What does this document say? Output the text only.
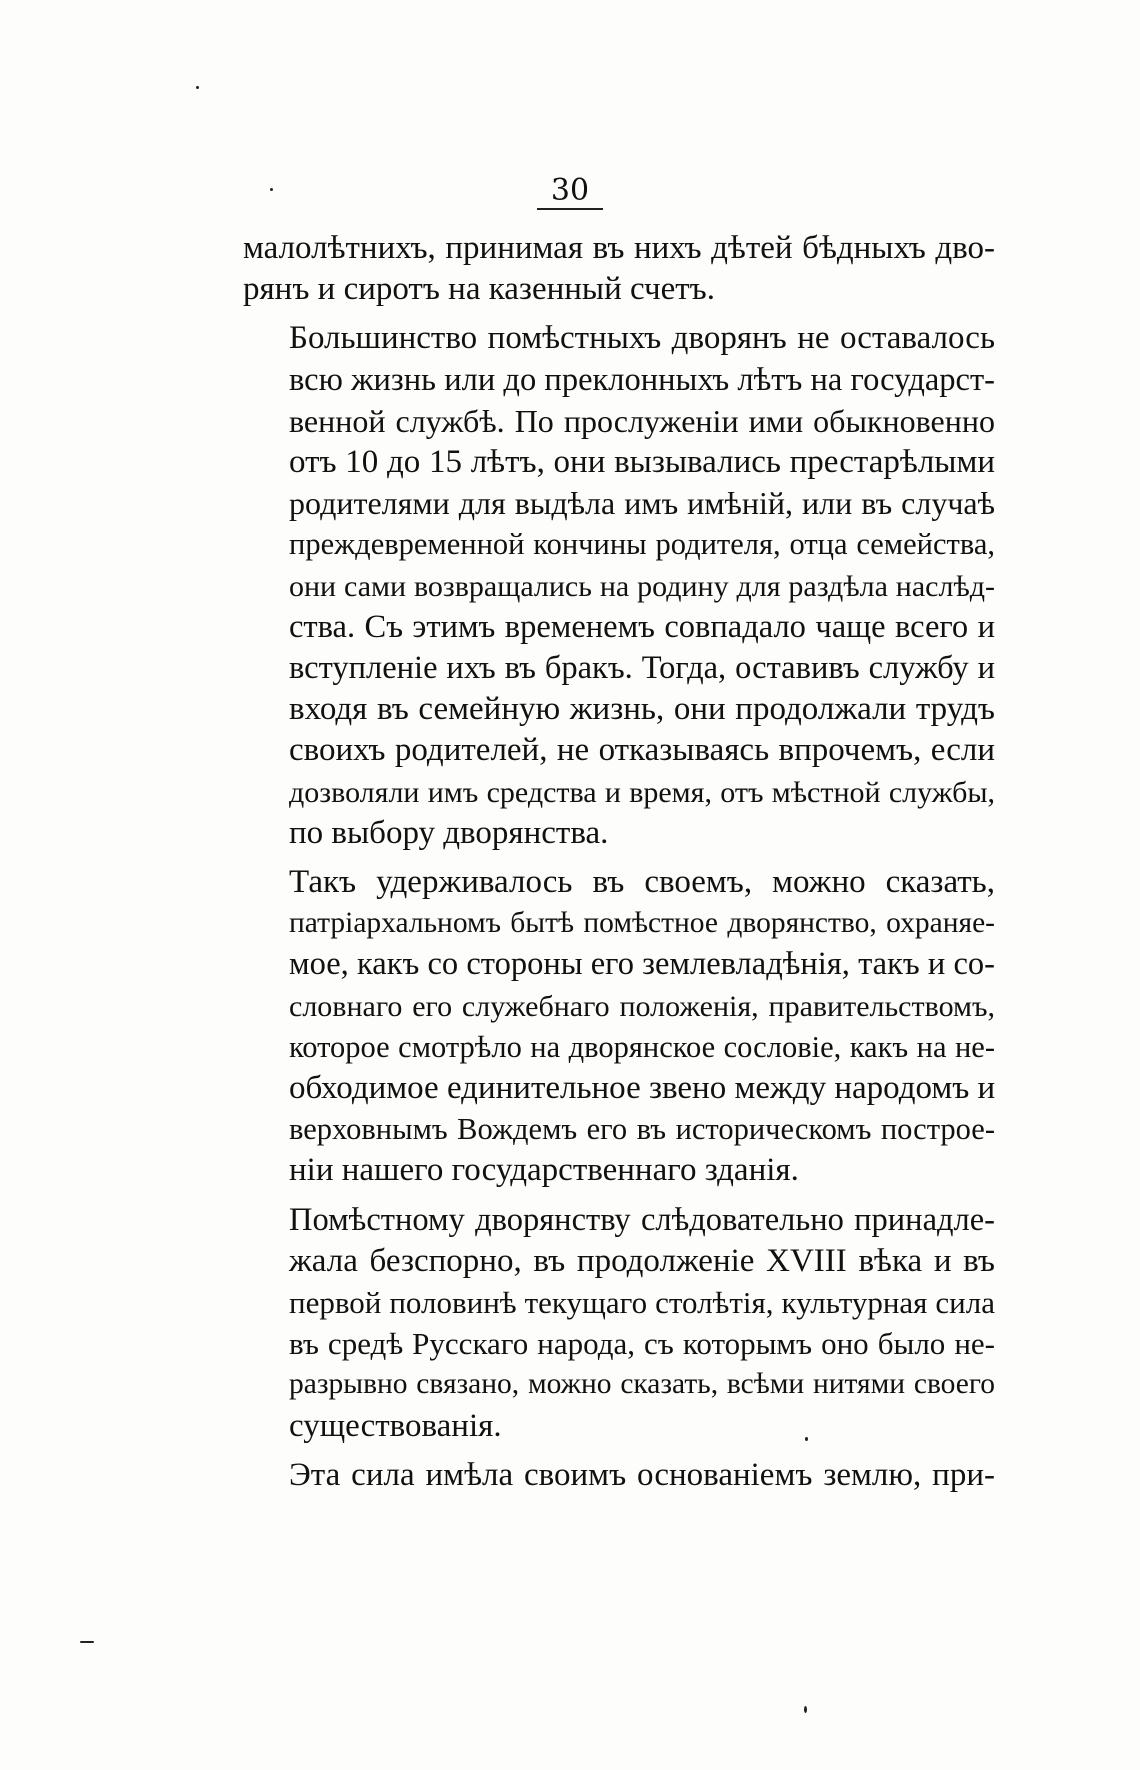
30

малолѣтнихъ, принимая въ нихъ дѣтей бѣдныхъ дво-
рянъ и сиротъ на казенный счетъ.

Большинство помѣстныхъ дворянъ не оставалось
всю жизнь или до преклонныхъ лѣтъ на государст-
венной службѣ. По прослуженіи ими обыкновенно
отъ 10 до 15 лѣтъ, они вызывались престарѣлыми
родителями для выдѣла имъ имѣній, или въ случаѣ
преждевременной кончины родителя, отца семейства,
они сами возвращались на родину для раздѣла наслѣд-
ства. Съ этимъ временемъ совпадало чаще всего и
вступленіе ихъ въ бракъ. Тогда, оставивъ службу и
входя въ семейную жизнь, они продолжали трудъ
своихъ родителей, не отказываясь впрочемъ, если
дозволяли имъ средства и время, отъ мѣстной службы,
по выбору дворянства.

Такъ удерживалось въ своемъ, можно сказать,
патріархальномъ бытѣ помѣстное дворянство, охраняе-
мое, какъ со стороны его землевладѣнія, такъ и со-
словнаго его служебнаго положенія, правительствомъ,
которое смотрѣло на дворянское сословіе, какъ на не-
обходимое единительное звено между народомъ и
верховнымъ Вождемъ его въ историческомъ построе-
ніи нашего государственнаго зданія.

Помѣстному дворянству слѣдовательно принадле-
жала безспорно, въ продолженіе XVIII вѣка и въ
первой половинѣ текущаго столѣтія, культурная сила
въ средѣ Русскаго народа, съ которымъ оно было не-
разрывно связано, можно сказать, всѣми нитями своего
существованія.

Эта сила имѣла своимъ основаніемъ землю, при-
